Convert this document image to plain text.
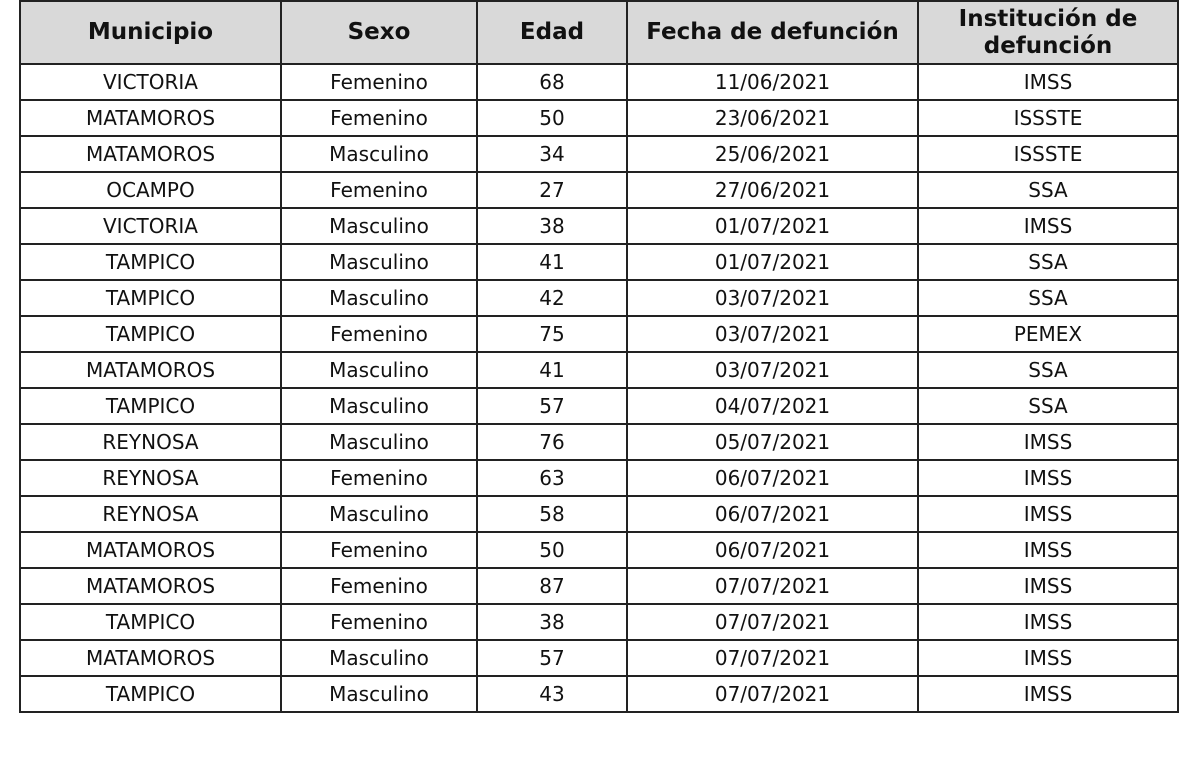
Municipio	Sexo	Edad	Fecha de defunción	Institución de defunción
VICTORIA	Femenino	68	11/06/2021	IMSS
MATAMOROS	Femenino	50	23/06/2021	ISSSTE
MATAMOROS	Masculino	34	25/06/2021	ISSSTE
OCAMPO	Femenino	27	27/06/2021	SSA
VICTORIA	Masculino	38	01/07/2021	IMSS
TAMPICO	Masculino	41	01/07/2021	SSA
TAMPICO	Masculino	42	03/07/2021	SSA
TAMPICO	Femenino	75	03/07/2021	PEMEX
MATAMOROS	Masculino	41	03/07/2021	SSA
TAMPICO	Masculino	57	04/07/2021	SSA
REYNOSA	Masculino	76	05/07/2021	IMSS
REYNOSA	Femenino	63	06/07/2021	IMSS
REYNOSA	Masculino	58	06/07/2021	IMSS
MATAMOROS	Femenino	50	06/07/2021	IMSS
MATAMOROS	Femenino	87	07/07/2021	IMSS
TAMPICO	Femenino	38	07/07/2021	IMSS
MATAMOROS	Masculino	57	07/07/2021	IMSS
TAMPICO	Masculino	43	07/07/2021	IMSS
